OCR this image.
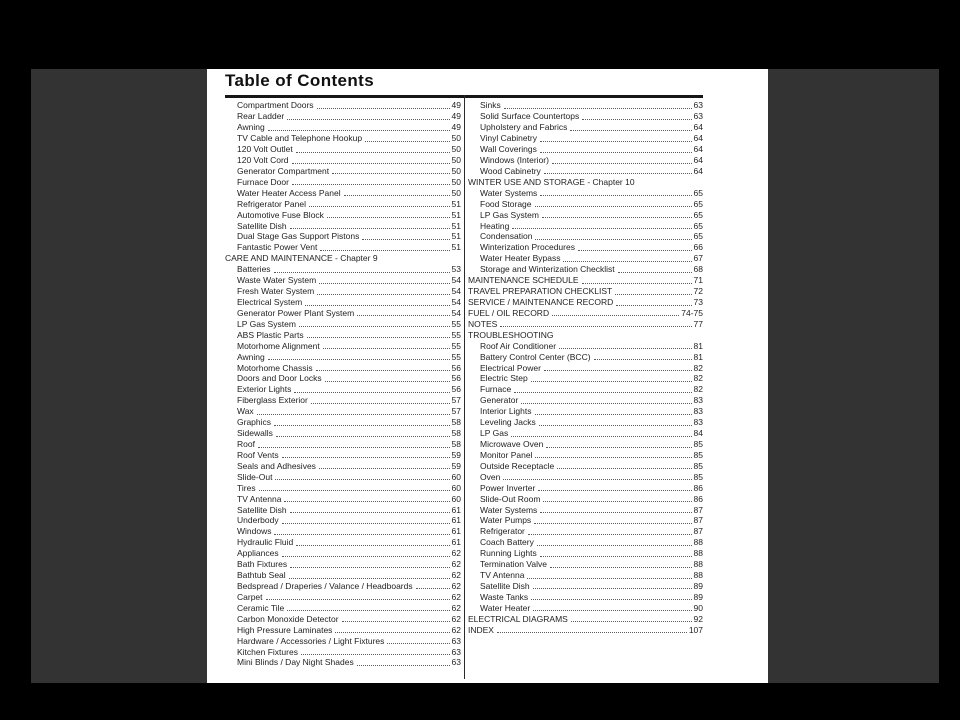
Table of Contents
Compartment Doors	49
Rear Ladder	49
Awning	49
TV Cable and Telephone Hookup	50
120 Volt Outlet	50
120 Volt Cord	50
Generator Compartment	50
Furnace Door	50
Water Heater Access Panel	50
Refrigerator Panel	51
Automotive Fuse Block	51
Satellite Dish	51
Dual Stage Gas Support Pistons	51
Fantastic Power Vent	51
CARE AND MAINTENANCE - Chapter 9
Batteries	53
Waste Water System	54
Fresh Water System	54
Electrical System	54
Generator Power Plant System	54
LP Gas System	55
ABS Plastic Parts	55
Motorhome Alignment	55
Awning	55
Motorhome Chassis	56
Doors and Door Locks	56
Exterior Lights	56
Fiberglass Exterior	57
Wax	57
Graphics	58
Sidewalls	58
Roof	58
Roof Vents	59
Seals and Adhesives	59
Slide-Out	60
Tires	60
TV Antenna	60
Satellite Dish	61
Underbody	61
Windows	61
Hydraulic Fluid	61
Appliances	62
Bath Fixtures	62
Bathtub Seal	62
Bedspread / Draperies / Valance / Headboards	62
Carpet	62
Ceramic Tile	62
Carbon Monoxide Detector	62
High Pressure Laminates	62
Hardware / Accessories / Light Fixtures	63
Kitchen Fixtures	63
Mini Blinds / Day Night Shades	63
Sinks	63
Solid Surface Countertops	63
Upholstery and Fabrics	64
Vinyl Cabinetry	64
Wall Coverings	64
Windows (Interior)	64
Wood Cabinetry	64
WINTER USE AND STORAGE - Chapter 10
Water Systems	65
Food Storage	65
LP Gas System	65
Heating	65
Condensation	65
Winterization Procedures	66
Water Heater Bypass	67
Storage and Winterization Checklist	68
MAINTENANCE SCHEDULE	71
TRAVEL PREPARATION CHECKLIST	72
SERVICE / MAINTENANCE RECORD	73
FUEL / OIL RECORD	74-75
NOTES	77
TROUBLESHOOTING
Roof Air Conditioner	81
Battery Control Center (BCC)	81
Electrical Power	82
Electric Step	82
Furnace	82
Generator	83
Interior Lights	83
Leveling Jacks	83
LP Gas	84
Microwave Oven	85
Monitor Panel	85
Outside Receptacle	85
Oven	85
Power Inverter	86
Slide-Out Room	86
Water Systems	87
Water Pumps	87
Refrigerator	87
Coach Battery	88
Running Lights	88
Termination Valve	88
TV Antenna	88
Satellite Dish	89
Waste Tanks	89
Water Heater	90
ELECTRICAL DIAGRAMS	92
INDEX	107
